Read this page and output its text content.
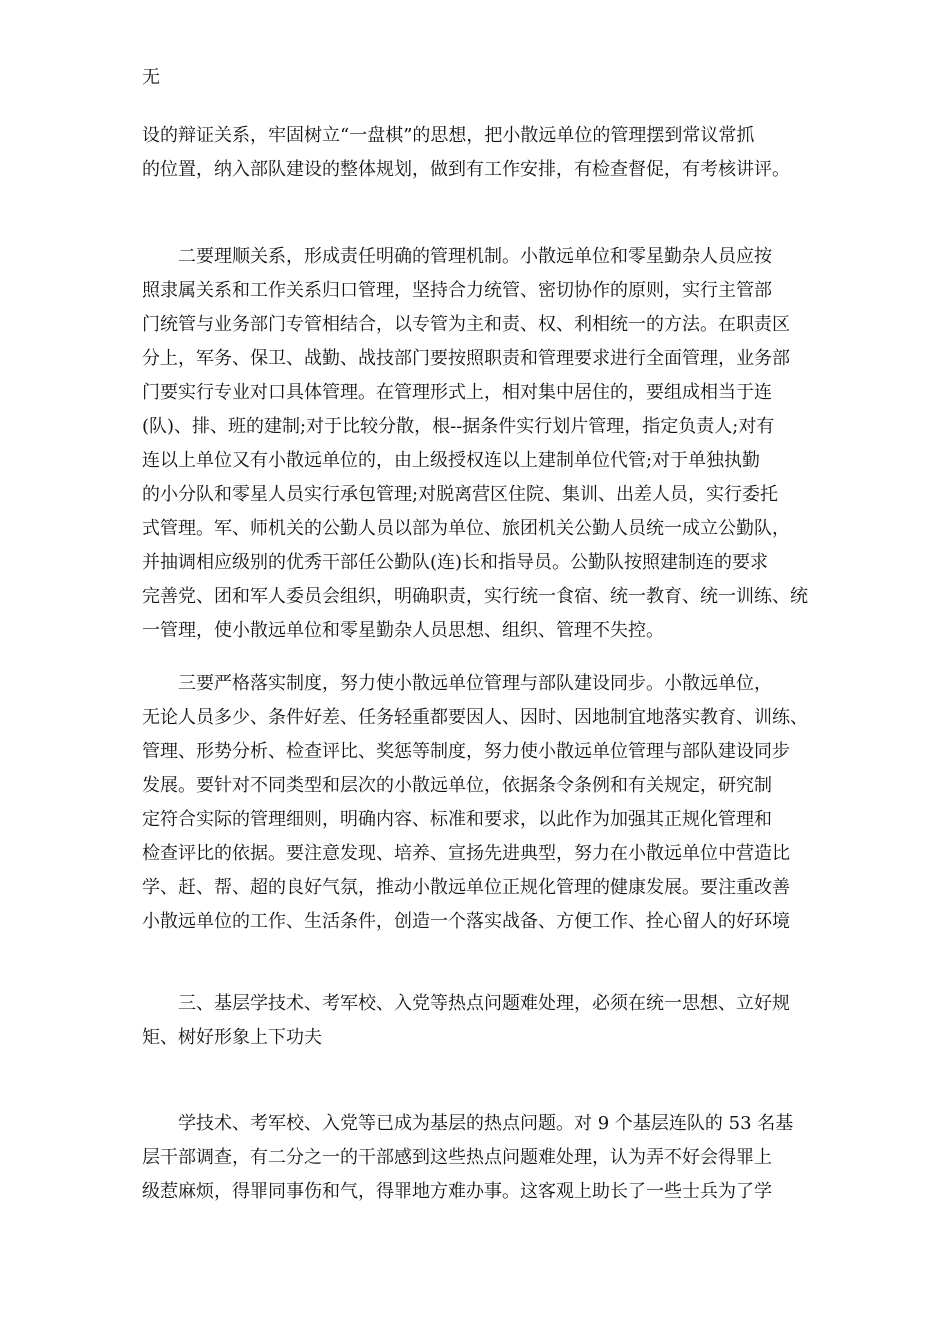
无
设的辩证关系，牢固树立“一盘棋”的思想，把小散远单位的管理摆到常议常抓
的位置，纳入部队建设的整体规划，做到有工作安排，有检查督促，有考核讲评。
　　二要理顺关系，形成责任明确的管理机制。小散远单位和零星勤杂人员应按
照隶属关系和工作关系归口管理，坚持合力统管、密切协作的原则，实行主管部
门统管与业务部门专管相结合，以专管为主和责、权、利相统一的方法。在职责区
分上，军务、保卫、战勤、战技部门要按照职责和管理要求进行全面管理，业务部
门要实行专业对口具体管理。在管理形式上，相对集中居住的，要组成相当于连
(队)、排、班的建制;对于比较分散，根--据条件实行划片管理，指定负责人;对有
连以上单位又有小散远单位的，由上级授权连以上建制单位代管;对于单独执勤
的小分队和零星人员实行承包管理;对脱离营区住院、集训、出差人员，实行委托
式管理。军、师机关的公勤人员以部为单位、旅团机关公勤人员统一成立公勤队，
并抽调相应级别的优秀干部任公勤队(连)长和指导员。公勤队按照建制连的要求
完善党、团和军人委员会组织，明确职责，实行统一食宿、统一教育、统一训练、统
一管理，使小散远单位和零星勤杂人员思想、组织、管理不失控。
　　三要严格落实制度，努力使小散远单位管理与部队建设同步。小散远单位，
无论人员多少、条件好差、任务轻重都要因人、因时、因地制宜地落实教育、训练、
管理、形势分析、检查评比、奖惩等制度，努力使小散远单位管理与部队建设同步
发展。要针对不同类型和层次的小散远单位，依据条令条例和有关规定，研究制
定符合实际的管理细则，明确内容、标准和要求，以此作为加强其正规化管理和
检查评比的依据。要注意发现、培养、宣扬先进典型，努力在小散远单位中营造比
学、赶、帮、超的良好气氛，推动小散远单位正规化管理的健康发展。要注重改善
小散远单位的工作、生活条件，创造一个落实战备、方便工作、拴心留人的好环境
　　三、基层学技术、考军校、入党等热点问题难处理，必须在统一思想、立好规
矩、树好形象上下功夫
　　学技术、考军校、入党等已成为基层的热点问题。对 9 个基层连队的 53 名基
层干部调查，有二分之一的干部感到这些热点问题难处理，认为弄不好会得罪上
级惹麻烦，得罪同事伤和气，得罪地方难办事。这客观上助长了一些士兵为了学
